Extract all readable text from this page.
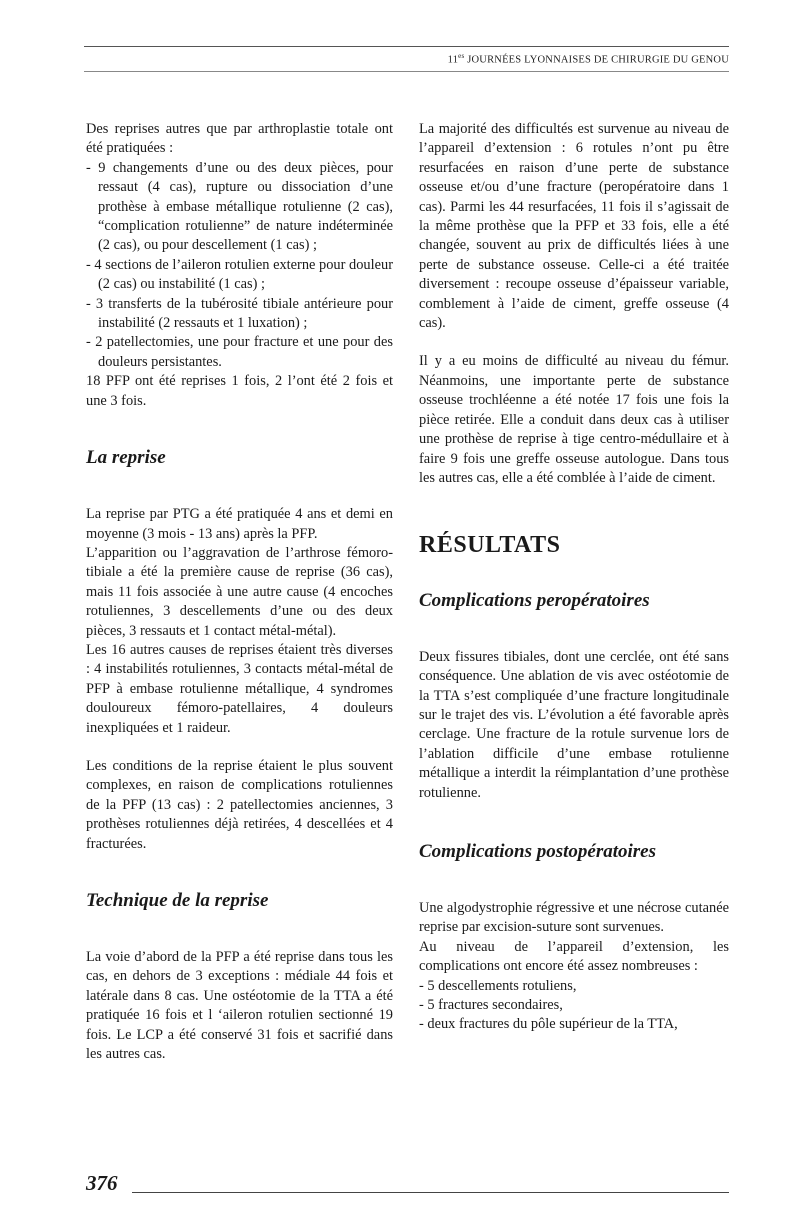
$11^{es}$ JOURNÉES LYONNAISES DE CHIRURGIE DU GENOU

Des reprises autres que par arthroplastie totale ont été pratiquées :

- 9 changements d’une ou des deux pièces, pour ressaut (4 cas), rupture ou dissociation d’une prothèse à embase métallique rotulienne (2 cas), “complication rotulienne” de nature indéterminée (2 cas), ou pour descellement (1 cas) ;

- 4 sections de l’aileron rotulien externe pour douleur (2 cas) ou instabilité (1 cas) ;

- 3 transferts de la tubérosité tibiale antérieure pour instabilité (2 ressauts et 1 luxation) ;

- 2 patellectomies, une pour fracture et une pour des douleurs persistantes.

18 PFP ont été reprises 1 fois, 2 l’ont été 2 fois et une 3 fois.

La reprise

La reprise par PTG a été pratiquée 4 ans et demi en moyenne (3 mois - 13 ans) après la PFP.

L’apparition ou l’aggravation de l’arthrose fémoro-tibiale a été la première cause de reprise (36 cas), mais 11 fois associée à une autre cause (4 encoches rotuliennes, 3 descellements d’une ou des deux pièces, 3 ressauts et 1 contact métal-métal).

Les 16 autres causes de reprises étaient très diverses : 4 instabilités rotuliennes, 3 contacts métal-métal de PFP à embase rotulienne métallique, 4 syndromes douloureux fémoro-patellaires, 4 douleurs inexpliquées et 1 raideur.

Les conditions de la reprise étaient le plus souvent complexes, en raison de complications rotuliennes de la PFP (13 cas) : 2 patellectomies anciennes, 3 prothèses rotuliennes déjà retirées, 4 descellées et 4 fracturées.

Technique de la reprise

La voie d’abord de la PFP a été reprise dans tous les cas, en dehors de 3 exceptions : médiale 44 fois et latérale dans 8 cas. Une ostéotomie de la TTA a été pratiquée 16 fois et l ‘aileron rotulien sectionné 19 fois. Le LCP a été conservé 31 fois et sacrifié dans les autres cas.

La majorité des difficultés est survenue au niveau de l’appareil d’extension : 6 rotules n’ont pu être resurfacées en raison d’une perte de substance osseuse et/ou d’une fracture (peropératoire dans 1 cas). Parmi les 44 resurfacées, 11 fois il s’agissait de la même prothèse que la PFP et 33 fois, elle a été changée, souvent au prix de difficultés liées à une perte de substance osseuse. Celle-ci a été traitée diversement : recoupe osseuse d’épaisseur variable, comblement à l’aide de ciment, greffe osseuse (4 cas).

Il y a eu moins de difficulté au niveau du fémur. Néanmoins, une importante perte de substance osseuse trochléenne a été notée 17 fois une fois la pièce retirée. Elle a conduit dans deux cas à utiliser une prothèse de reprise à tige centro-médullaire et à faire 9 fois une greffe osseuse autologue. Dans tous les autres cas, elle a été comblée à l’aide de ciment.

RÉSULTATS
Complications peropératoires

Deux fissures tibiales, dont une cerclée, ont été sans conséquence. Une ablation de vis avec ostéotomie de la TTA s’est compliquée d’une fracture longitudinale sur le trajet des vis. L’évolution a été favorable après cerclage. Une fracture de la rotule survenue lors de l’ablation difficile d’une embase rotulienne métallique a interdit la réimplantation d’une prothèse rotulienne.

Complications postopératoires

Une algodystrophie régressive et une nécrose cutanée reprise par excision-suture sont survenues.

Au niveau de l’appareil d’extension, les complications ont encore été assez nombreuses :

- 5 descellements rotuliens,

- 5 fractures secondaires,

- deux fractures du pôle supérieur de la TTA,

376
